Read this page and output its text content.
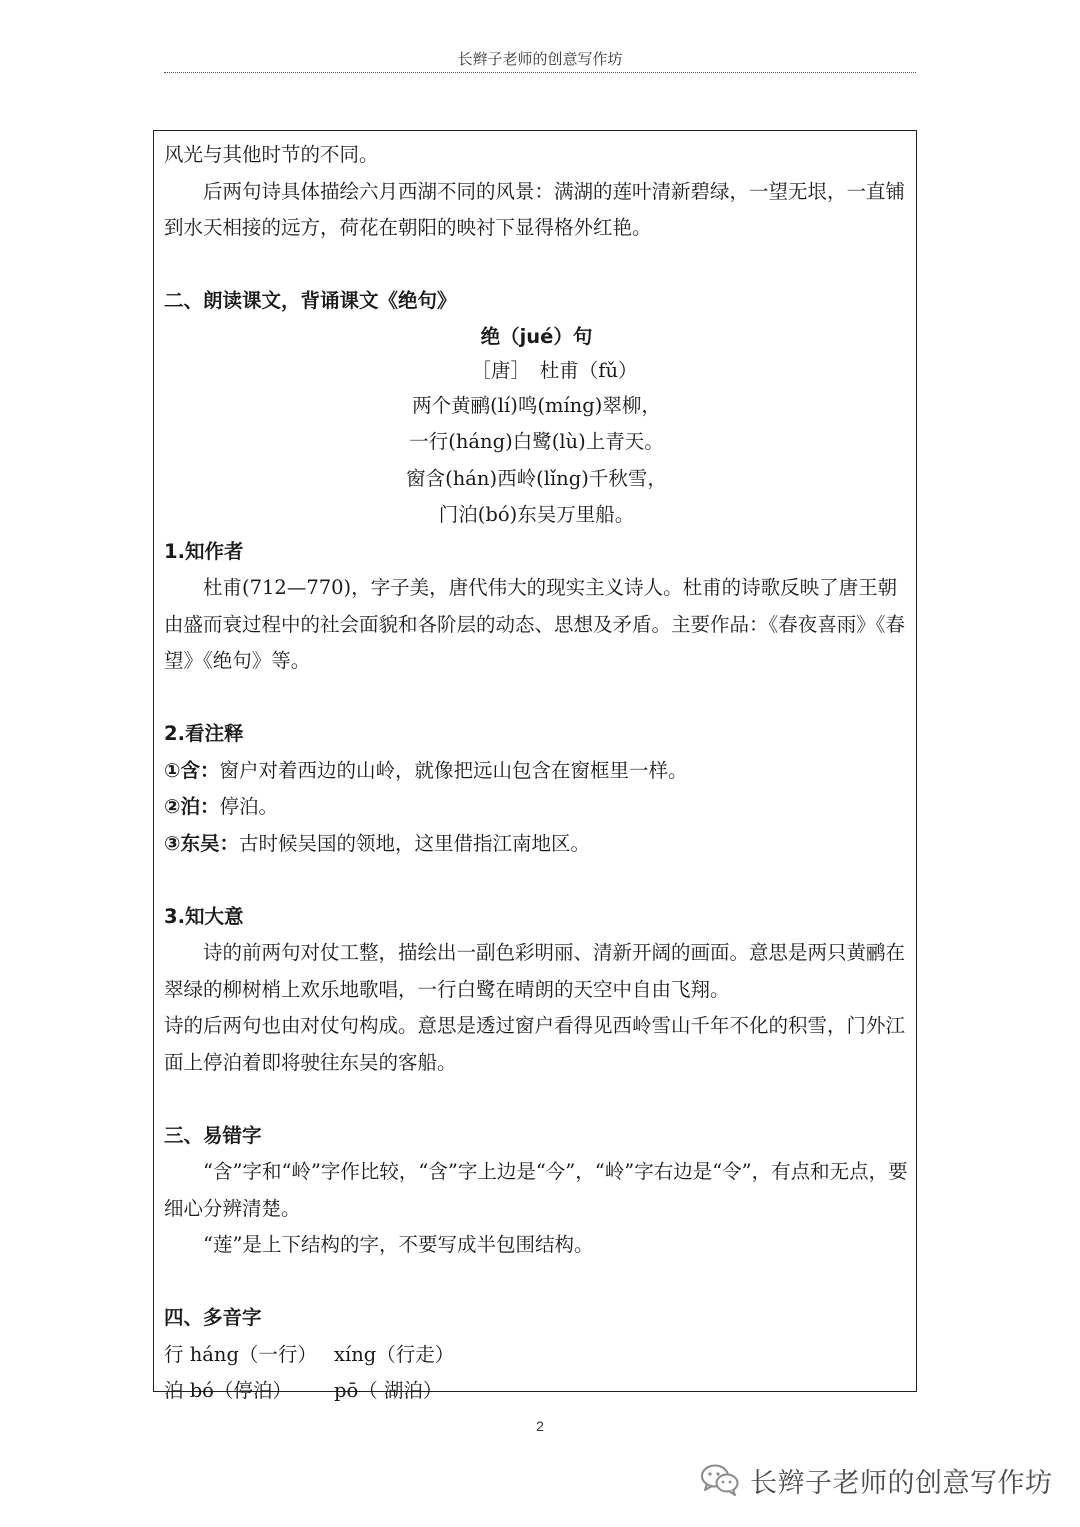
长辫子老师的创意写作坊

风光与其他时节的不同。

后两句诗具体描绘六月西湖不同的风景：满湖的莲叶清新碧绿，一望无垠，一直铺到水天相接的远方，荷花在朝阳的映衬下显得格外红艳。

二、朗读课文，背诵课文《绝句》

绝（jué）句

［唐］　杜甫（fǔ）

两个黄鹂(lí)鸣(míng)翠柳，

一行(háng)白鹭(lù)上青天。

窗含(hán)西岭(lǐng)千秋雪，

门泊(bó)东吴万里船。

1.知作者

杜甫(712—770)，字子美，唐代伟大的现实主义诗人。杜甫的诗歌反映了唐王朝由盛而衰过程中的社会面貌和各阶层的动态、思想及矛盾。主要作品：《春夜喜雨》《春望》《绝句》等。

2.看注释

①含：窗户对着西边的山岭，就像把远山包含在窗框里一样。

②泊：停泊。

③东吴：古时候吴国的领地，这里借指江南地区。

3.知大意

诗的前两句对仗工整，描绘出一副色彩明丽、清新开阔的画面。意思是两只黄鹂在翠绿的柳树梢上欢乐地歌唱，一行白鹭在晴朗的天空中自由飞翔。

诗的后两句也由对仗句构成。意思是透过窗户看得见西岭雪山千年不化的积雪，门外江面上停泊着即将驶往东吴的客船。

三、易错字

“含”字和“岭”字作比较，“含”字上边是“今”，“岭”字右边是“令”，有点和无点，要细心分辨清楚。

“莲”是上下结构的字，不要写成半包围结构。

四、多音字

行 háng（一行） xíng（行走）

泊 bó（停泊） pō（ 湖泊）

2
长辫子老师的创意写作坊
